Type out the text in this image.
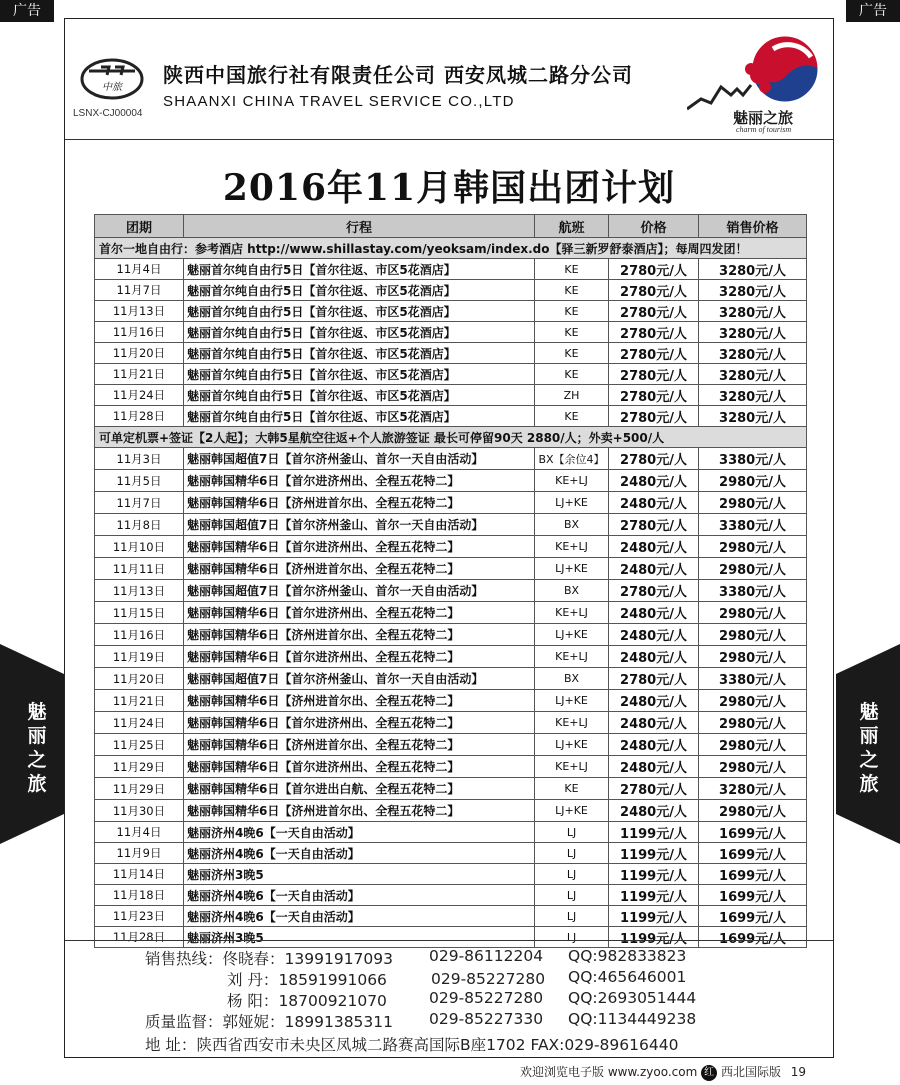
广告	广告
中旅
LSNX-CJ00004
陕西中国旅行社有限责任公司 西安凤城二路分公司
SHAANXI CHINA TRAVEL SERVICE CO.,LTD
魅丽之旅
charm of tourism
2016年11月韩国出团计划
团期	行程	航班	价格	销售价格
首尔一地自由行：参考酒店 http://www.shillastay.com/yeoksam/index.do【驿三新罗舒泰酒店】；每周四发团！				
11月4日	魅丽首尔纯自由行5日【首尔往返、市区5花酒店】	KE	2780元/人	3280元/人
11月7日	魅丽首尔纯自由行5日【首尔往返、市区5花酒店】	KE	2780元/人	3280元/人
11月13日	魅丽首尔纯自由行5日【首尔往返、市区5花酒店】	KE	2780元/人	3280元/人
11月16日	魅丽首尔纯自由行5日【首尔往返、市区5花酒店】	KE	2780元/人	3280元/人
11月20日	魅丽首尔纯自由行5日【首尔往返、市区5花酒店】	KE	2780元/人	3280元/人
11月21日	魅丽首尔纯自由行5日【首尔往返、市区5花酒店】	KE	2780元/人	3280元/人
11月24日	魅丽首尔纯自由行5日【首尔往返、市区5花酒店】	ZH	2780元/人	3280元/人
11月28日	魅丽首尔纯自由行5日【首尔往返、市区5花酒店】	KE	2780元/人	3280元/人
可单定机票+签证【2人起】；大韩5星航空往返+个人旅游签证 最长可停留90天 2880/人；外卖+500/人				
11月3日	魅丽韩国超值7日【首尔济州釜山、首尔一天自由活动】	BX【余位4】	2780元/人	3380元/人
11月5日	魅丽韩国精华6日【首尔进济州出、全程五花特二】	KE+LJ	2480元/人	2980元/人
11月7日	魅丽韩国精华6日【济州进首尔出、全程五花特二】	LJ+KE	2480元/人	2980元/人
11月8日	魅丽韩国超值7日【首尔济州釜山、首尔一天自由活动】	BX	2780元/人	3380元/人
11月10日	魅丽韩国精华6日【首尔进济州出、全程五花特二】	KE+LJ	2480元/人	2980元/人
11月11日	魅丽韩国精华6日【济州进首尔出、全程五花特二】	LJ+KE	2480元/人	2980元/人
11月13日	魅丽韩国超值7日【首尔济州釜山、首尔一天自由活动】	BX	2780元/人	3380元/人
11月15日	魅丽韩国精华6日【首尔进济州出、全程五花特二】	KE+LJ	2480元/人	2980元/人
11月16日	魅丽韩国精华6日【济州进首尔出、全程五花特二】	LJ+KE	2480元/人	2980元/人
11月19日	魅丽韩国精华6日【首尔进济州出、全程五花特二】	KE+LJ	2480元/人	2980元/人
11月20日	魅丽韩国超值7日【首尔济州釜山、首尔一天自由活动】	BX	2780元/人	3380元/人
11月21日	魅丽韩国精华6日【济州进首尔出、全程五花特二】	LJ+KE	2480元/人	2980元/人
11月24日	魅丽韩国精华6日【首尔进济州出、全程五花特二】	KE+LJ	2480元/人	2980元/人
11月25日	魅丽韩国精华6日【济州进首尔出、全程五花特二】	LJ+KE	2480元/人	2980元/人
11月29日	魅丽韩国精华6日【首尔进济州出、全程五花特二】	KE+LJ	2480元/人	2980元/人
11月29日	魅丽韩国精华6日【首尔进出白航、全程五花特二】	KE	2780元/人	3280元/人
11月30日	魅丽韩国精华6日【济州进首尔出、全程五花特二】	LJ+KE	2480元/人	2980元/人
11月4日	魅丽济州4晚6【一天自由活动】	LJ	1199元/人	1699元/人
11月9日	魅丽济州4晚6【一天自由活动】	LJ	1199元/人	1699元/人
11月14日	魅丽济州3晚5	LJ	1199元/人	1699元/人
11月18日	魅丽济州4晚6【一天自由活动】	LJ	1199元/人	1699元/人
11月23日	魅丽济州4晚6【一天自由活动】	LJ	1199元/人	1699元/人
11月28日	魅丽济州3晚5	LJ	1199元/人	1699元/人
魅
丽
之
旅
魅
丽
之
旅
销售热线：佟晓春：13991917093 029-86112204 QQ:982833823
刘 丹：18591991066	029-85227280 QQ:465646001
杨 阳：18700921070	029-85227280 QQ:2693051444
质量监督：郭娅妮：18991385311 029-85227330 QQ:1134449238
地 址：陕西省西安市未央区凤城二路赛高国际B座1702 FAX:029-89616440
欢迎浏览电子版 www.zyoo.com 红 西北国际版 19
